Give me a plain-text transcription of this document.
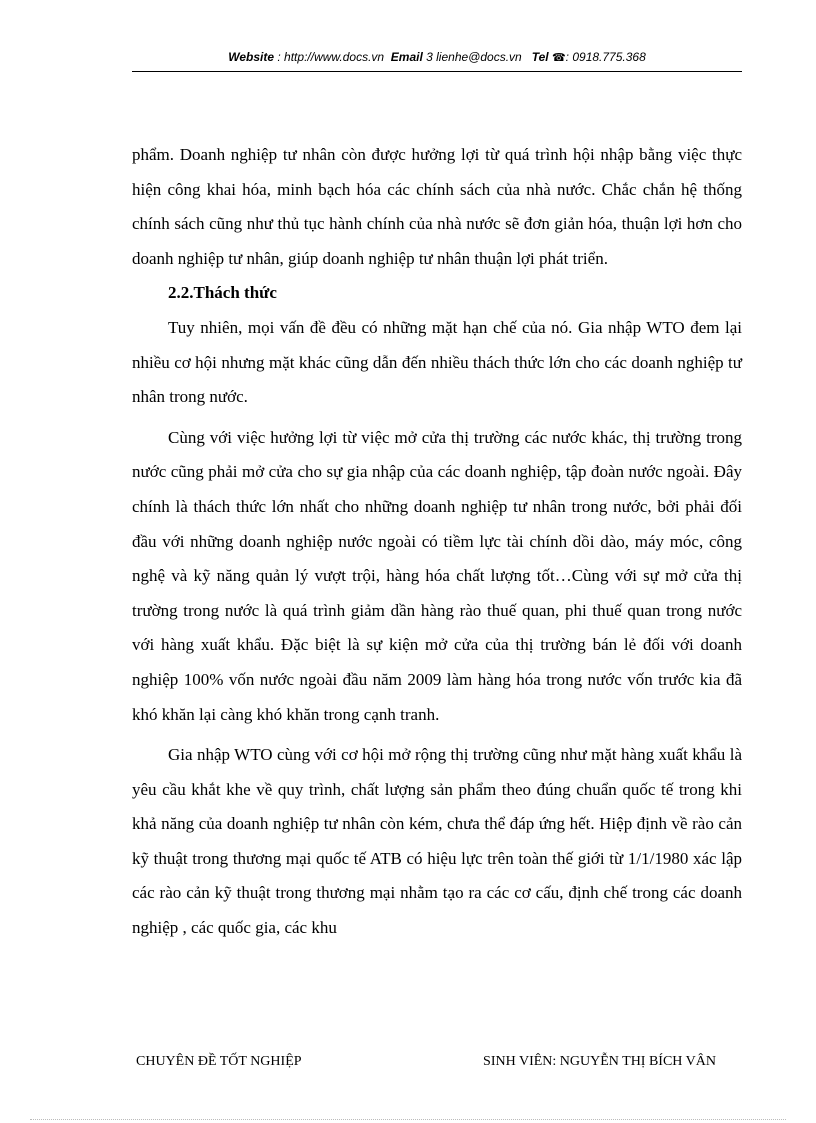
Website : http://www.docs.vn Email 3 lienhe@docs.vn Tel ☎: 0918.775.368

phẩm. Doanh nghiệp tư nhân còn được hưởng lợi từ quá trình hội nhập bằng việc thực hiện công khai hóa, minh bạch hóa các chính sách của nhà nước. Chắc chắn hệ thống chính sách cũng như thủ tục hành chính của nhà nước sẽ đơn giản hóa, thuận lợi hơn cho doanh nghiệp tư nhân, giúp doanh nghiệp tư nhân thuận lợi phát triển.

2.2.Thách thức

Tuy nhiên, mọi vấn đề đều có những mặt hạn chế của nó. Gia nhập WTO đem lại nhiều cơ hội nhưng mặt khác cũng dẫn đến nhiều thách thức lớn cho các doanh nghiệp tư nhân trong nước.

Cùng với việc hưởng lợi từ việc mở cửa thị trường các nước khác, thị trường trong nước cũng phải mở cửa cho sự gia nhập của các doanh nghiệp, tập đoàn nước ngoài. Đây chính là thách thức lớn nhất cho những doanh nghiệp tư nhân trong nước, bởi phải đối đầu với những doanh nghiệp nước ngoài có tiềm lực tài chính dồi dào, máy móc, công nghệ và kỹ năng quản lý vượt trội, hàng hóa chất lượng tốt…Cùng với sự mở cửa thị trường trong nước là quá trình giảm dần hàng rào thuế quan, phi thuế quan trong nước với hàng xuất khẩu. Đặc biệt là sự kiện mở cửa của thị trường bán lẻ đối với doanh nghiệp 100% vốn nước ngoài đầu năm 2009 làm hàng hóa trong nước vốn trước kia đã khó khăn lại càng khó khăn trong cạnh tranh.

Gia nhập WTO cùng với cơ hội mở rộng thị trường cũng như mặt hàng xuất khẩu là yêu cầu khắt khe về quy trình, chất lượng sản phẩm theo đúng chuẩn quốc tế trong khi khả năng của doanh nghiệp tư nhân còn kém, chưa thể đáp ứng hết. Hiệp định về rào cản kỹ thuật trong thương mại quốc tế ATB có hiệu lực trên toàn thế giới từ 1/1/1980 xác lập các rào cản kỹ thuật trong thương mại nhằm tạo ra các cơ cấu, định chế trong các doanh nghiệp , các quốc gia, các khu

CHUYÊN ĐỀ TỐT NGHIỆP	SINH VIÊN: NGUYỄN THỊ BÍCH VÂN
